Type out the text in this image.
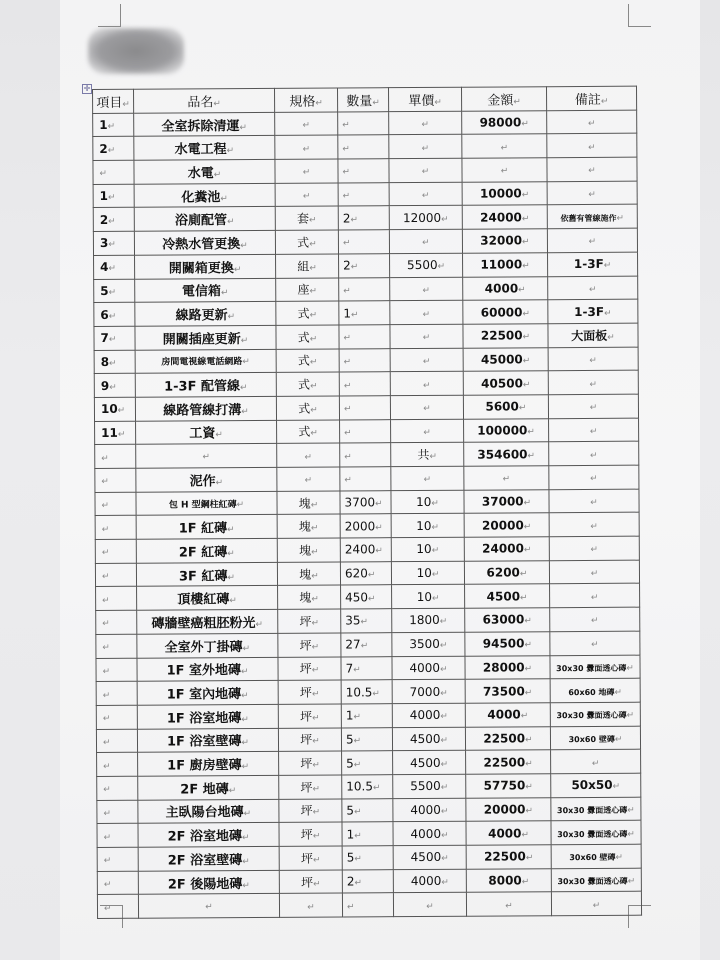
✛
項目↵	品名↵	規格↵	數量↵	單價↵	金額↵	備註↵
1↵	全室拆除清運↵	↵	↵	↵	98000↵	↵
2↵	水電工程↵	↵	↵	↵	↵	↵
↵	水電↵	↵	↵	↵	↵	↵
1↵	化糞池↵	↵	↵	↵	10000↵	↵
2↵	浴廁配管↵	套↵	2↵	12000↵	24000↵	依舊有管線施作↵
3↵	冷熱水管更換↵	式↵	↵	↵	32000↵	↵
4↵	開關箱更換↵	組↵	2↵	5500↵	11000↵	1-3F↵
5↵	電信箱↵	座↵	↵	↵	4000↵	↵
6↵	線路更新↵	式↵	1↵	↵	60000↵	1-3F↵
7↵	開關插座更新↵	式↵	↵	↵	22500↵	大面板↵
8↵	房間電視線電話網路↵	式↵	↵	↵	45000↵	↵
9↵	1-3F 配管線↵	式↵	↵	↵	40500↵	↵
10↵	線路管線打溝↵	式↵	↵	↵	5600↵	↵
11↵	工資↵	式↵	↵	↵	100000↵	↵
↵	↵	↵	↵	共↵	354600↵	↵
↵	泥作↵	↵	↵	↵	↵	↵
↵	包 H 型鋼柱紅磚↵	塊↵	3700↵	10↵	37000↵	↵
↵	1F 紅磚↵	塊↵	2000↵	10↵	20000↵	↵
↵	2F 紅磚↵	塊↵	2400↵	10↵	24000↵	↵
↵	3F 紅磚↵	塊↵	620↵	10↵	6200↵	↵
↵	頂樓紅磚↵	塊↵	450↵	10↵	4500↵	↵
↵	磚牆壁癌粗胚粉光↵	坪↵	35↵	1800↵	63000↵	↵
↵	全室外丁掛磚↵	坪↵	27↵	3500↵	94500↵	↵
↵	1F 室外地磚↵	坪↵	7↵	4000↵	28000↵	30x30 釁面透心磚↵
↵	1F 室內地磚↵	坪↵	10.5↵	7000↵	73500↵	60x60 地磚↵
↵	1F 浴室地磚↵	坪↵	1↵	4000↵	4000↵	30x30 釁面透心磚↵
↵	1F 浴室壁磚↵	坪↵	5↵	4500↵	22500↵	30x60 壁磚↵
↵	1F 廚房壁磚↵	坪↵	5↵	4500↵	22500↵	↵
↵	2F 地磚↵	坪↵	10.5↵	5500↵	57750↵	50x50↵
↵	主臥陽台地磚↵	坪↵	5↵	4000↵	20000↵	30x30 釁面透心磚↵
↵	2F 浴室地磚↵	坪↵	1↵	4000↵	4000↵	30x30 釁面透心磚↵
↵	2F 浴室壁磚↵	坪↵	5↵	4500↵	22500↵	30x60 壁磚↵
↵	2F 後陽地磚↵	坪↵	2↵	4000↵	8000↵	30x30 釁面透心磚↵
↵	↵	↵	↵	↵	↵	↵
